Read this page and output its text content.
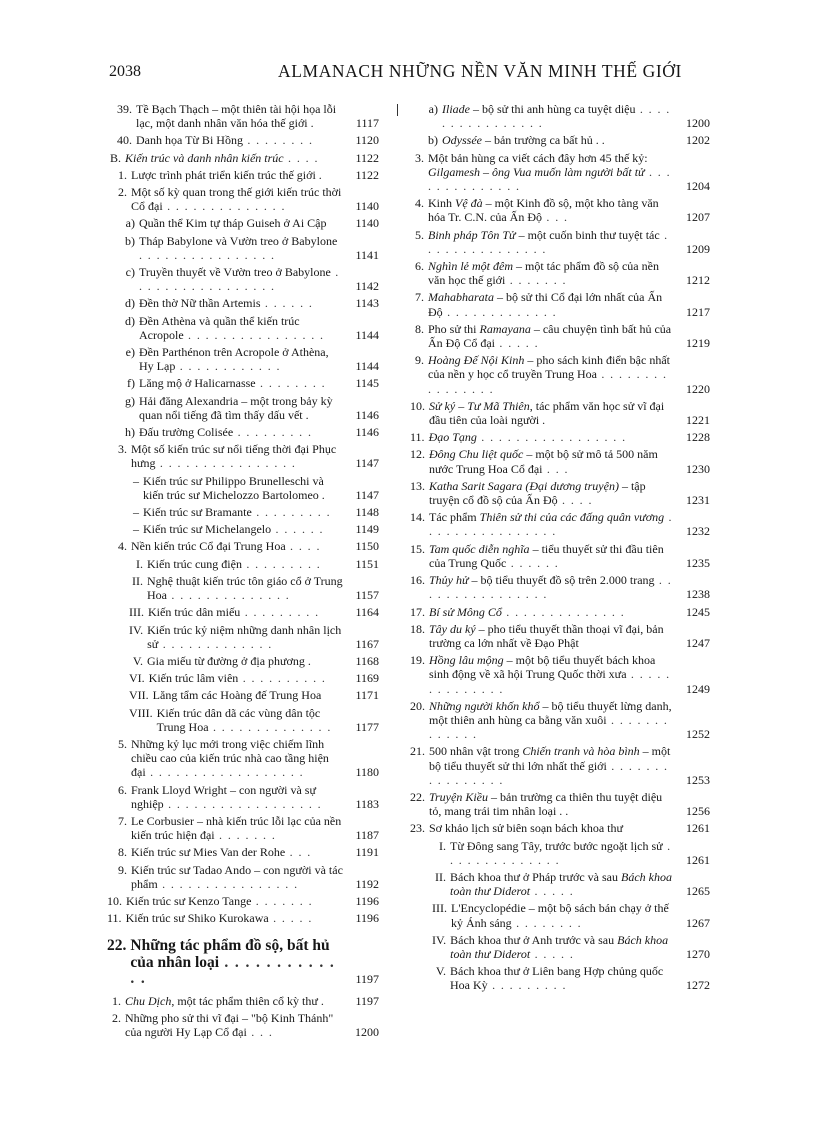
2038	ALMANACH NHỮNG NỀN VĂN MINH THẾ GIỚI
39. Tề Bạch Thạch – một thiên tài hội họa lỗi lạc, một danh nhân văn hóa thế giới .	1117
40. Danh họa Từ Bi Hồng . . . . . . . .	1120
B. Kiến trúc và danh nhân kiến trúc . . . .	1122
1. Lược trình phát triển kiến trúc thế giới .	1122
2. Một số kỳ quan trong thế giới kiến trúc thời Cổ đại . . . . . . . . . . . . . .	1140
a) Quần thể Kim tự tháp Guiseh ở Ai Cập	1140
b) Tháp Babylone và Vườn treo ở Babylone . . . . . . . . . . . . . . . .	1141
c) Truyền thuyết về Vườn treo ở Babylone . . . . . . . . . . . . . . . . .	1142
d) Đền thờ Nữ thần Artemis . . . . . .	1143
d) Đền Athèna và quần thể kiến trúc Acropole . . . . . . . . . . . . . . . .	1144
e) Đền Parthénon trên Acropole ở Athèna, Hy Lạp . . . . . . . . . . . .	1144
f) Lăng mộ ở Halicarnasse . . . . . . . .	1145
g) Hải đăng Alexandria – một trong bảy kỳ quan nổi tiếng đã tìm thấy dấu vết .	1146
h) Đấu trường Colisée . . . . . . . . .	1146
3. Một số kiến trúc sư nổi tiếng thời đại Phục hưng . . . . . . . . . . . . . . . .	1147
– Kiến trúc sư Philippo Brunelleschi và kiến trúc sư Michelozzo Bartolomeo .	1147
– Kiến trúc sư Bramante . . . . . . . . .	1148
– Kiến trúc sư Michelangelo . . . . . .	1149
4. Nền kiến trúc Cổ đại Trung Hoa . . . .	1150
I. Kiến trúc cung điện . . . . . . . . .	1151
II. Nghệ thuật kiến trúc tôn giáo cổ ở Trung Hoa . . . . . . . . . . . . . .	1157
III. Kiến trúc dân miếu . . . . . . . . .	1164
IV. Kiến trúc kỷ niệm những danh nhân lịch sử . . . . . . . . . . . . .	1167
V. Gia miếu từ đường ở địa phương .	1168
VI. Kiến trúc lâm viên . . . . . . . . . .	1169
VII. Lăng tẩm các Hoàng đế Trung Hoa	1171
VIII. Kiến trúc dân dã các vùng dân tộc Trung Hoa . . . . . . . . . . . . . .	1177
5. Những kỷ lục mới trong việc chiếm lĩnh chiều cao của kiến trúc nhà cao tầng hiện đại . . . . . . . . . . . . . . . . . .	1180
6. Frank Lloyd Wright – con người và sự nghiệp . . . . . . . . . . . . . . . . . .	1183
7. Le Corbusier – nhà kiến trúc lỗi lạc của nền kiến trúc hiện đại . . . . . . .	1187
8. Kiến trúc sư Mies Van der Rohe . . .	1191
9. Kiến trúc sư Tadao Ando – con người và tác phẩm . . . . . . . . . . . . . . . .	1192
10. Kiến trúc sư Kenzo Tange . . . . . . .	1196
11. Kiến trúc sư Shiko Kurokawa . . . . .	1196
22. Những tác phẩm đồ sộ, bất hủ của nhân loại . . . . . . . . . . . . .	1197
1. Chu Dịch, một tác phẩm thiên cổ kỳ thư .	1197
2. Những pho sử thi vĩ đại – "bộ Kinh Thánh" của người Hy Lạp Cổ đại . . .	1200
a) Iliade – bộ sử thi anh hùng ca tuyệt diệu . . . . . . . . . . . . . . . .	1200
b) Odyssée – bản trường ca bất hủ . .	1202
3. Một bản hùng ca viết cách đây hơn 45 thế kỷ: Gilgamesh – ông Vua muốn làm người bất tử . . . . . . . . . . . . . .	1204
4. Kinh Vệ đà – một Kinh đồ sộ, một kho tàng văn hóa Tr. C.N. của Ấn Độ . . .	1207
5. Binh pháp Tôn Tử – một cuốn binh thư tuyệt tác . . . . . . . . . . . . . . .	1209
6. Nghìn lẻ một đêm – một tác phẩm đồ sộ của nền văn học thế giới . . . . . . .	1212
7. Mahabharata – bộ sử thi Cổ đại lớn nhất của Ấn Độ . . . . . . . . . . . . .	1217
8. Pho sử thi Ramayana – câu chuyện tình bất hủ của Ấn Độ Cổ đại . . . . .	1219
9. Hoàng Đế Nội Kinh – pho sách kinh điển bậc nhất của nền y học cổ truyền Trung Hoa . . . . . . . . . . . . . . . .	1220
10. Sử ký – Tư Mã Thiên, tác phẩm văn học sử vĩ đại đầu tiên của loài người .	1221
11. Đạo Tạng . . . . . . . . . . . . . . . . .	1228
12. Đông Chu liệt quốc – một bộ sử mô tả 500 năm nước Trung Hoa Cổ đại . . .	1230
13. Katha Sarit Sagara (Đại dương truyện) – tập truyện cổ đồ sộ của Ấn Độ . . . .	1231
14. Tác phẩm Thiên sử thi của các đấng quân vương . . . . . . . . . . . . . . . .	1232
15. Tam quốc diễn nghĩa – tiểu thuyết sử thi đầu tiên của Trung Quốc . . . . . .	1235
16. Thủy hử – bộ tiểu thuyết đồ sộ trên 2.000 trang . . . . . . . . . . . . . . . .	1238
17. Bí sử Mông Cổ . . . . . . . . . . . . . .	1245
18. Tây du ký – pho tiểu thuyết thần thoại vĩ đại, bản trường ca lớn nhất về Đạo Phật	1247
19. Hồng lâu mộng – một bộ tiểu thuyết bách khoa sinh động về xã hội Trung Quốc thời xưa . . . . . . . . . . . . . .	1249
20. Những người khốn khổ – bộ tiểu thuyết lừng danh, một thiên anh hùng ca bằng văn xuôi . . . . . . . . . . . . .	1252
21. 500 nhân vật trong Chiến tranh và hòa bình – một bộ tiểu thuyết sử thi lớn nhất thế giới . . . . . . . . . . . . . . . .	1253
22. Truyện Kiều – bản trường ca thiên thu tuyệt diệu tỏ, mang trái tim nhân loại . .	1256
23. Sơ khảo lịch sử biên soạn bách khoa thư	1261
I. Từ Đông sang Tây, trước bước ngoặt lịch sử . . . . . . . . . . . . . .	1261
II. Bách khoa thư ở Pháp trước và sau Bách khoa toàn thư Diderot . . . . .	1265
III. L'Encyclopédie – một bộ sách bán chạy ở thế kỷ Ánh sáng . . . . . . . .	1267
IV. Bách khoa thư ở Anh trước và sau Bách khoa toàn thư Diderot . . . . .	1270
V. Bách khoa thư ở Liên bang Hợp chủng quốc Hoa Kỳ . . . . . . . . .	1272
